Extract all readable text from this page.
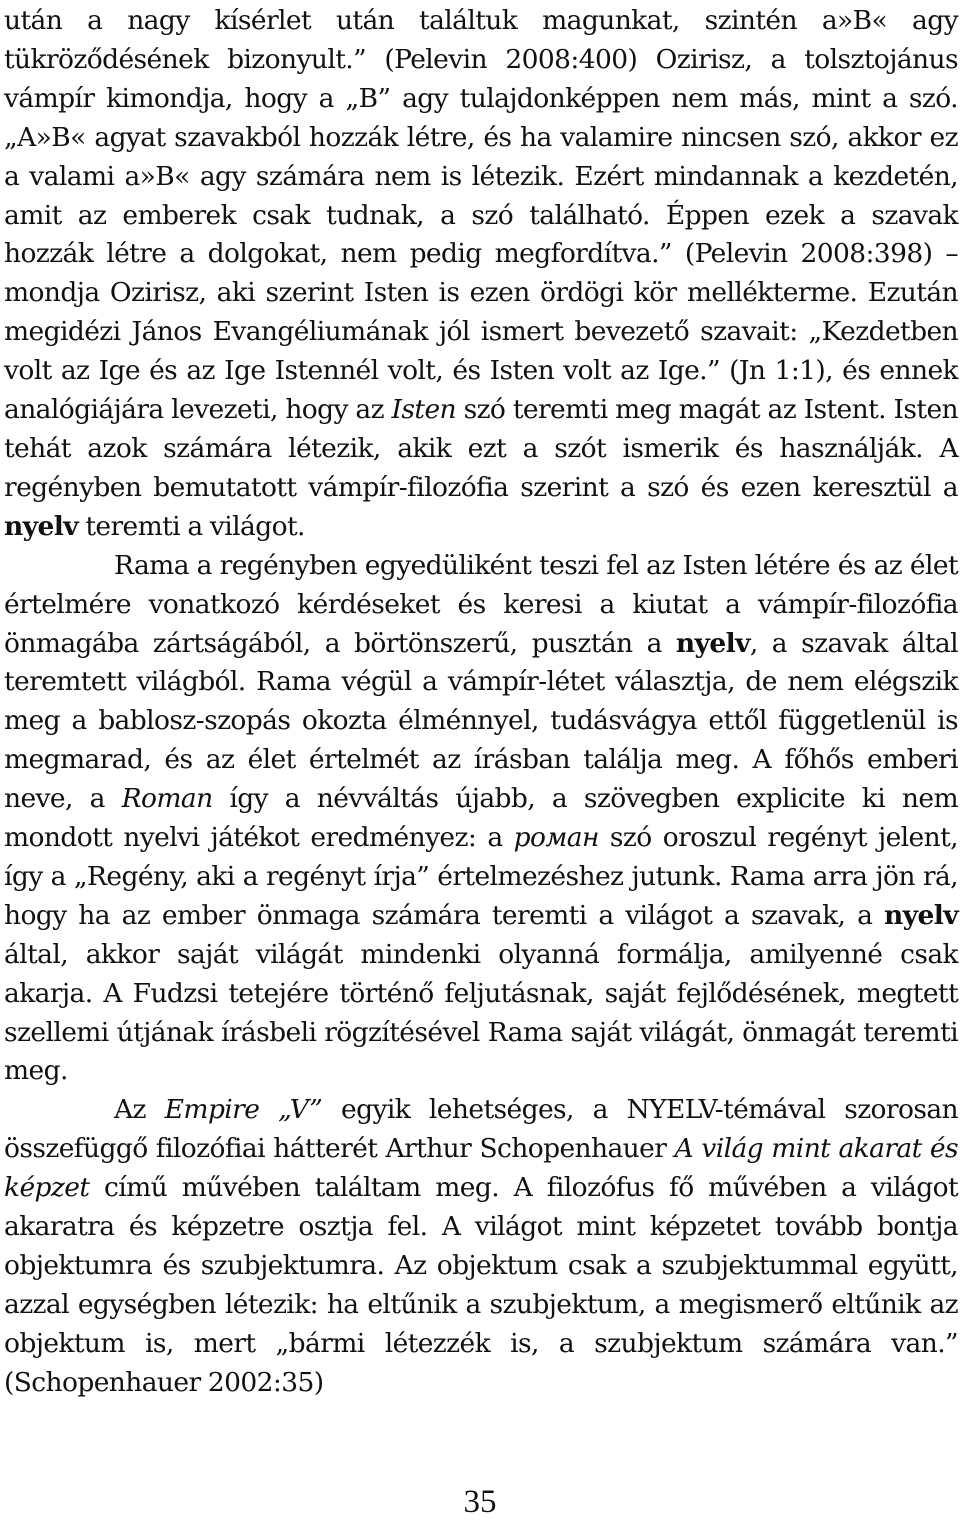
után a nagy kísérlet után találtuk magunkat, szintén a»B« agy tükröződésének bizonyult.” (Pelevin 2008:400) Ozirisz, a tolsztojánus vámpír kimondja, hogy a „B” agy tulajdonképpen nem más, mint a szó. „A»B« agyat szavakból hozzák létre, és ha valamire nincsen szó, akkor ez a valami a»B« agy számára nem is létezik. Ezért mindannak a kezdetén, amit az emberek csak tudnak, a szó található. Éppen ezek a szavak hozzák létre a dolgokat, nem pedig megfordítva.” (Pelevin 2008:398) – mondja Ozirisz, aki szerint Isten is ezen ördögi kör mellékterme. Ezután megidézi János Evangéliumának jól ismert bevezető szavait: „Kezdetben volt az Ige és az Ige Istennél volt, és Isten volt az Ige.” (Jn 1:1), és ennek analógiájára levezeti, hogy az Isten szó teremti meg magát az Istent. Isten tehát azok számára létezik, akik ezt a szót ismerik és használják. A regényben bemutatott vámpír-filozófia szerint a szó és ezen keresztül a nyelv teremti a világot.

Rama a regényben egyedüliként teszi fel az Isten létére és az élet értelmére vonatkozó kérdéseket és keresi a kiutat a vámpír-filozófia önmagába zártságából, a börtönszerű, pusztán a nyelv, a szavak által teremtett világból. Rama végül a vámpír-létet választja, de nem elégszik meg a bablosz-szopás okozta élménnyel, tudásvágya ettől függetlenül is megmarad, és az élet értelmét az írásban találja meg. A főhős emberi neve, a Roman így a névváltás újabb, a szövegben explicite ki nem mondott nyelvi játékot eredményez: a роман szó oroszul regényt jelent, így a „Regény, aki a regényt írja” értelmezéshez jutunk. Rama arra jön rá, hogy ha az ember önmaga számára teremti a világot a szavak, a nyelv által, akkor saját világát mindenki olyanná formálja, amilyenné csak akarja. A Fudzsi tetejére történő feljutásnak, saját fejlődésének, megtett szellemi útjának írásbeli rögzítésével Rama saját világát, önmagát teremti meg.

Az Empire „V” egyik lehetséges, a NYELV-témával szorosan összefüggő filozófiai hátterét Arthur Schopenhauer A világ mint akarat és képzet című művében találtam meg. A filozófus fő művében a világot akaratra és képzetre osztja fel. A világot mint képzetet tovább bontja objektumra és szubjektumra. Az objektum csak a szubjektummal együtt, azzal egységben létezik: ha eltűnik a szubjektum, a megismerő eltűnik az objektum is, mert „bármi létezzék is, a szubjektum számára van.” (Schopenhauer 2002:35)

35
